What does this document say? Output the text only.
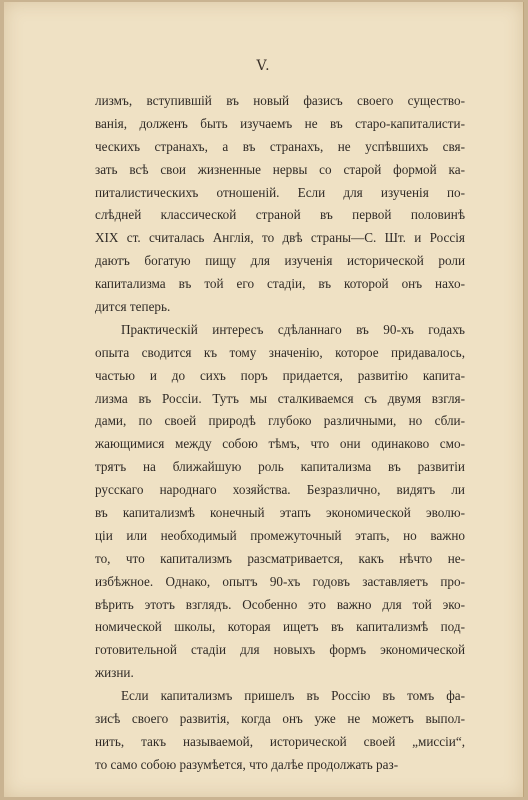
V.
лизмъ, вступившій въ новый фазисъ своего существо-
ванія, долженъ быть изучаемъ не въ старо-капиталисти-
ческихъ странахъ, а въ странахъ, не успѣвшихъ свя-
зать всѣ свои жизненные нервы со старой формой ка-
питалистическихъ отношеній. Если для изученія по-
слѣдней классической страной въ первой половинѣ
XIX ст. считалась Англія, то двѣ страны—С. Шт. и Россія
даютъ богатую пищу для изученія исторической роли
капитализма въ той его стадіи, въ которой онъ нахо-
дится теперь.
Практическій интересъ сдѣланнаго въ 90-хъ годахъ
опыта сводится къ тому значенію, которое придавалось,
частью и до сихъ поръ придается, развитію капита-
лизма въ Россіи. Тутъ мы сталкиваемся съ двумя взгля-
дами, по своей природѣ глубоко различными, но сбли-
жающимися между собою тѣмъ, что они одинаково смо-
трятъ на ближайшую роль капитализма въ развитіи
русскаго народнаго хозяйства. Безразлично, видятъ ли
въ капитализмѣ конечный этапъ экономической эволю-
ціи или необходимый промежуточный этапъ, но важно
то, что капитализмъ разсматривается, какъ нѣчто не-
избѣжное. Однако, опытъ 90-хъ годовъ заставляетъ про-
вѣрить этотъ взглядъ. Особенно это важно для той эко-
номической школы, которая ищетъ въ капитализмѣ под-
готовительной стадіи для новыхъ формъ экономической
жизни.
Если капитализмъ пришелъ въ Россію въ томъ фа-
зисѣ своего развитія, когда онъ уже не можетъ выпол-
нить, такъ называемой, исторической своей „миссіи“,
то само собою разумѣется, что далѣе продолжать раз-
